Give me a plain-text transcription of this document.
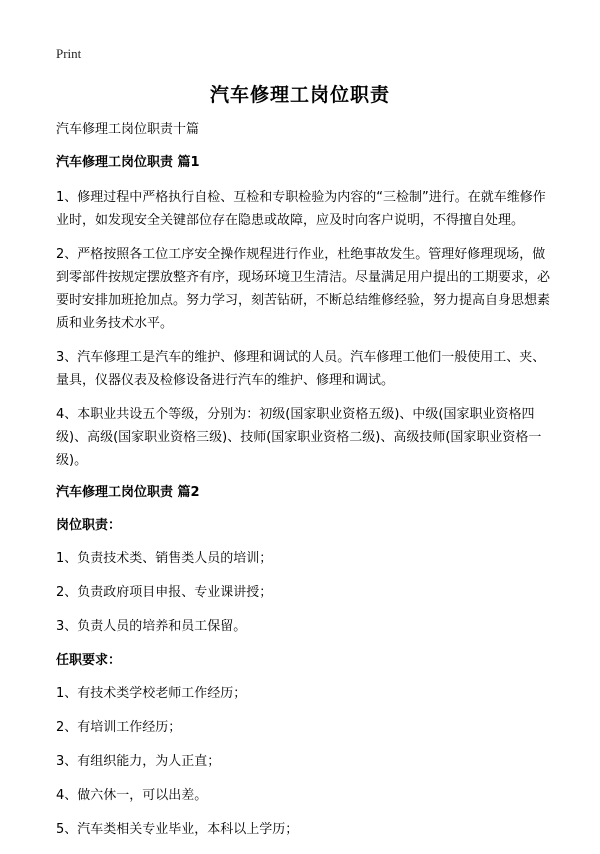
Print
汽车修理工岗位职责
汽车修理工岗位职责十篇
汽车修理工岗位职责 篇1

1、修理过程中严格执行自检、互检和专职检验为内容的“三检制”进行。在就车维修作业时，如发现安全关键部位存在隐患或故障，应及时向客户说明，不得擅自处理。

2、严格按照各工位工序安全操作规程进行作业，杜绝事故发生。管理好修理现场，做到零部件按规定摆放整齐有序，现场环境卫生清洁。尽量满足用户提出的工期要求，必要时安排加班抢加点。努力学习，刻苦钻研，不断总结维修经验，努力提高自身思想素质和业务技术水平。

3、汽车修理工是汽车的维护、修理和调试的人员。汽车修理工他们一般使用工、夹、量具，仪器仪表及检修设备进行汽车的维护、修理和调试。

4、本职业共设五个等级，分别为：初级(国家职业资格五级)、中级(国家职业资格四级)、高级(国家职业资格三级)、技师(国家职业资格二级)、高级技师(国家职业资格一级)。

汽车修理工岗位职责 篇2
岗位职责：
1、负责技术类、销售类人员的培训；
2、负责政府项目申报、专业课讲授；
3、负责人员的培养和员工保留。
任职要求：
1、有技术类学校老师工作经历；
2、有培训工作经历；
3、有组织能力，为人正直；
4、做六休一，可以出差。
5、汽车类相关专业毕业，本科以上学历；
